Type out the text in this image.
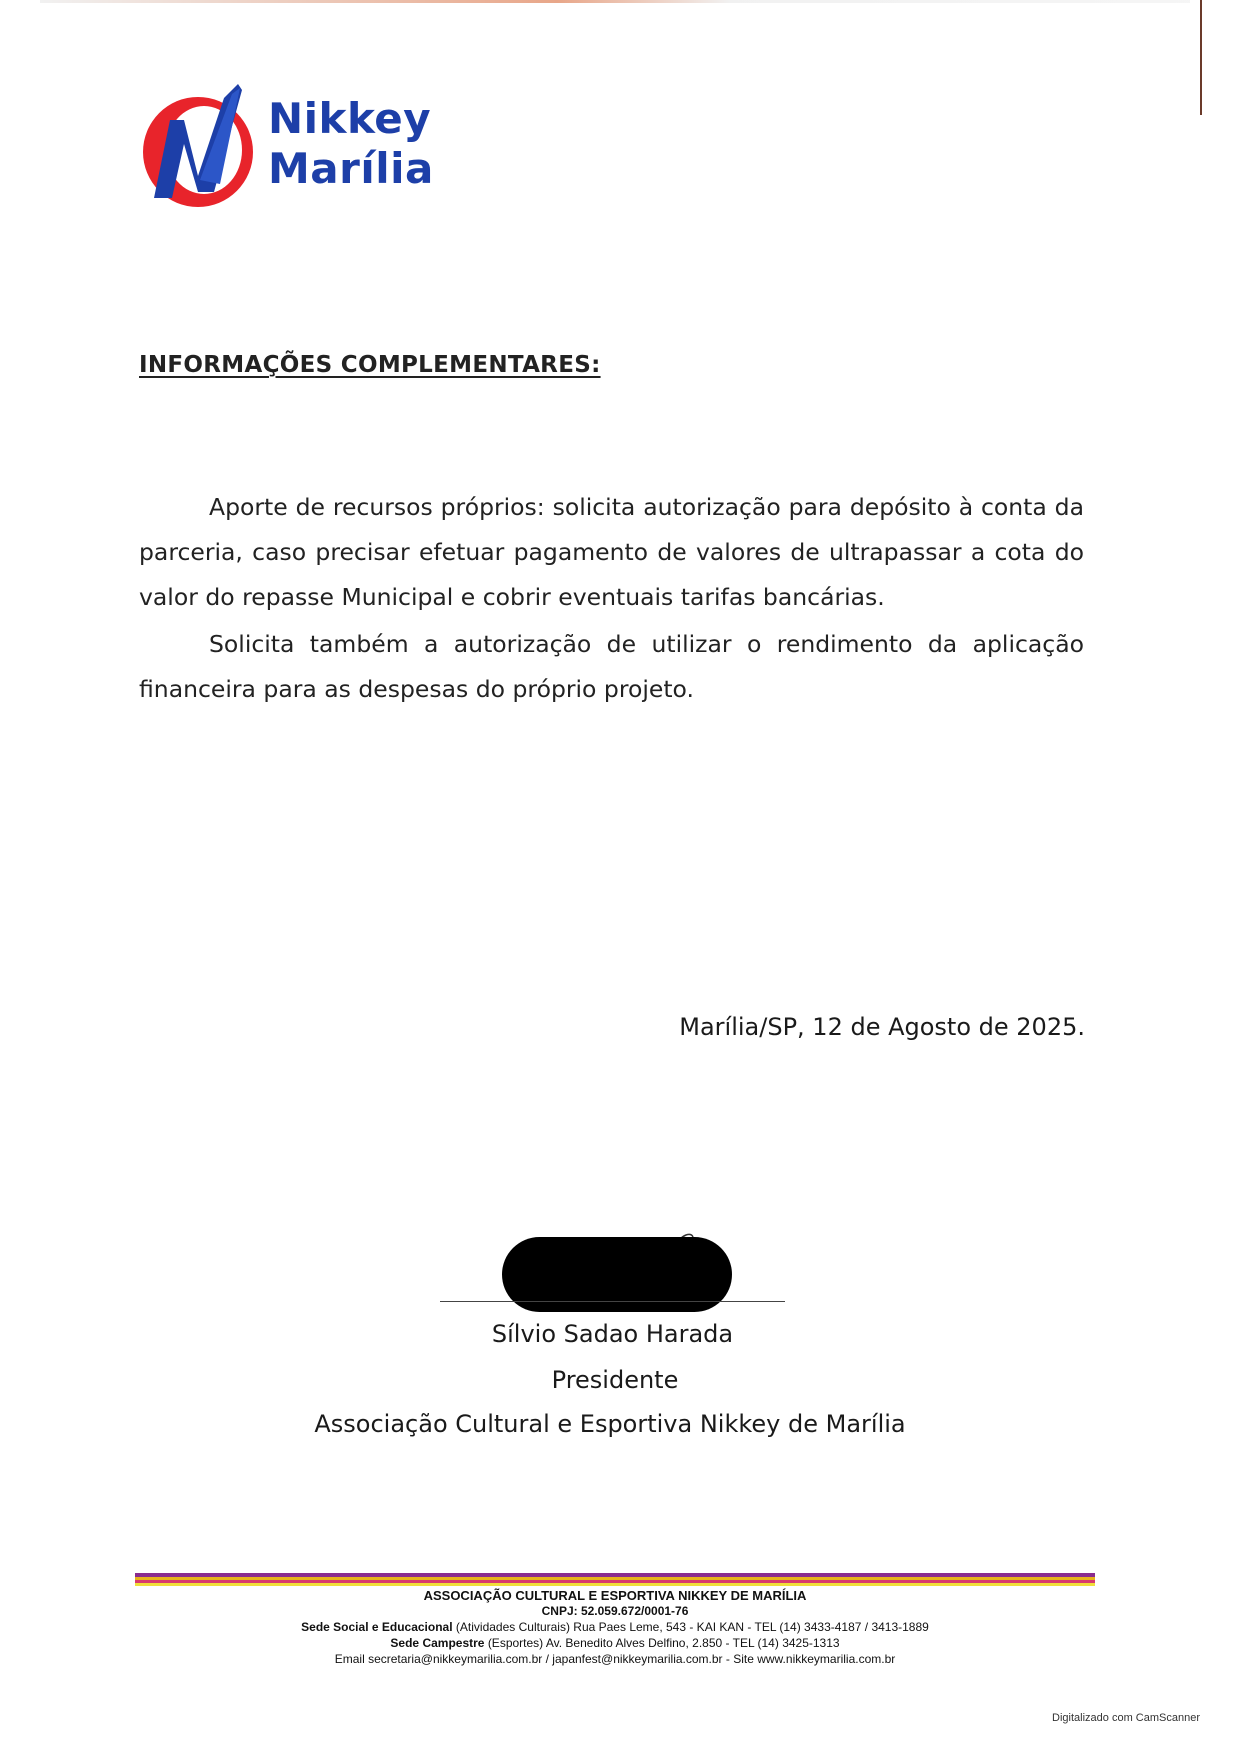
Nikkey
Marília
INFORMAÇÕES COMPLEMENTARES:

Aporte de recursos próprios: solicita autorização para depósito à conta da parceria, caso precisar efetuar pagamento de valores de ultrapassar a cota do valor do repasse Municipal e cobrir eventuais tarifas bancárias.

Solicita também a autorização de utilizar o rendimento da aplicação financeira para as despesas do próprio projeto.

Marília/SP, 12 de Agosto de 2025.

Sílvio Sadao Harada
Presidente
Associação Cultural e Esportiva Nikkey de Marília
ASSOCIAÇÃO CULTURAL E ESPORTIVA NIKKEY DE MARÍLIA
CNPJ: 52.059.672/0001-76
Sede Social e Educacional (Atividades Culturais) Rua Paes Leme, 543 - KAI KAN - TEL (14) 3433-4187 / 3413-1889
Sede Campestre (Esportes) Av. Benedito Alves Delfino, 2.850 - TEL (14) 3425-1313
Email secretaria@nikkeymarilia.com.br / japanfest@nikkeymarilia.com.br - Site www.nikkeymarilia.com.br
Digitalizado com CamScanner
